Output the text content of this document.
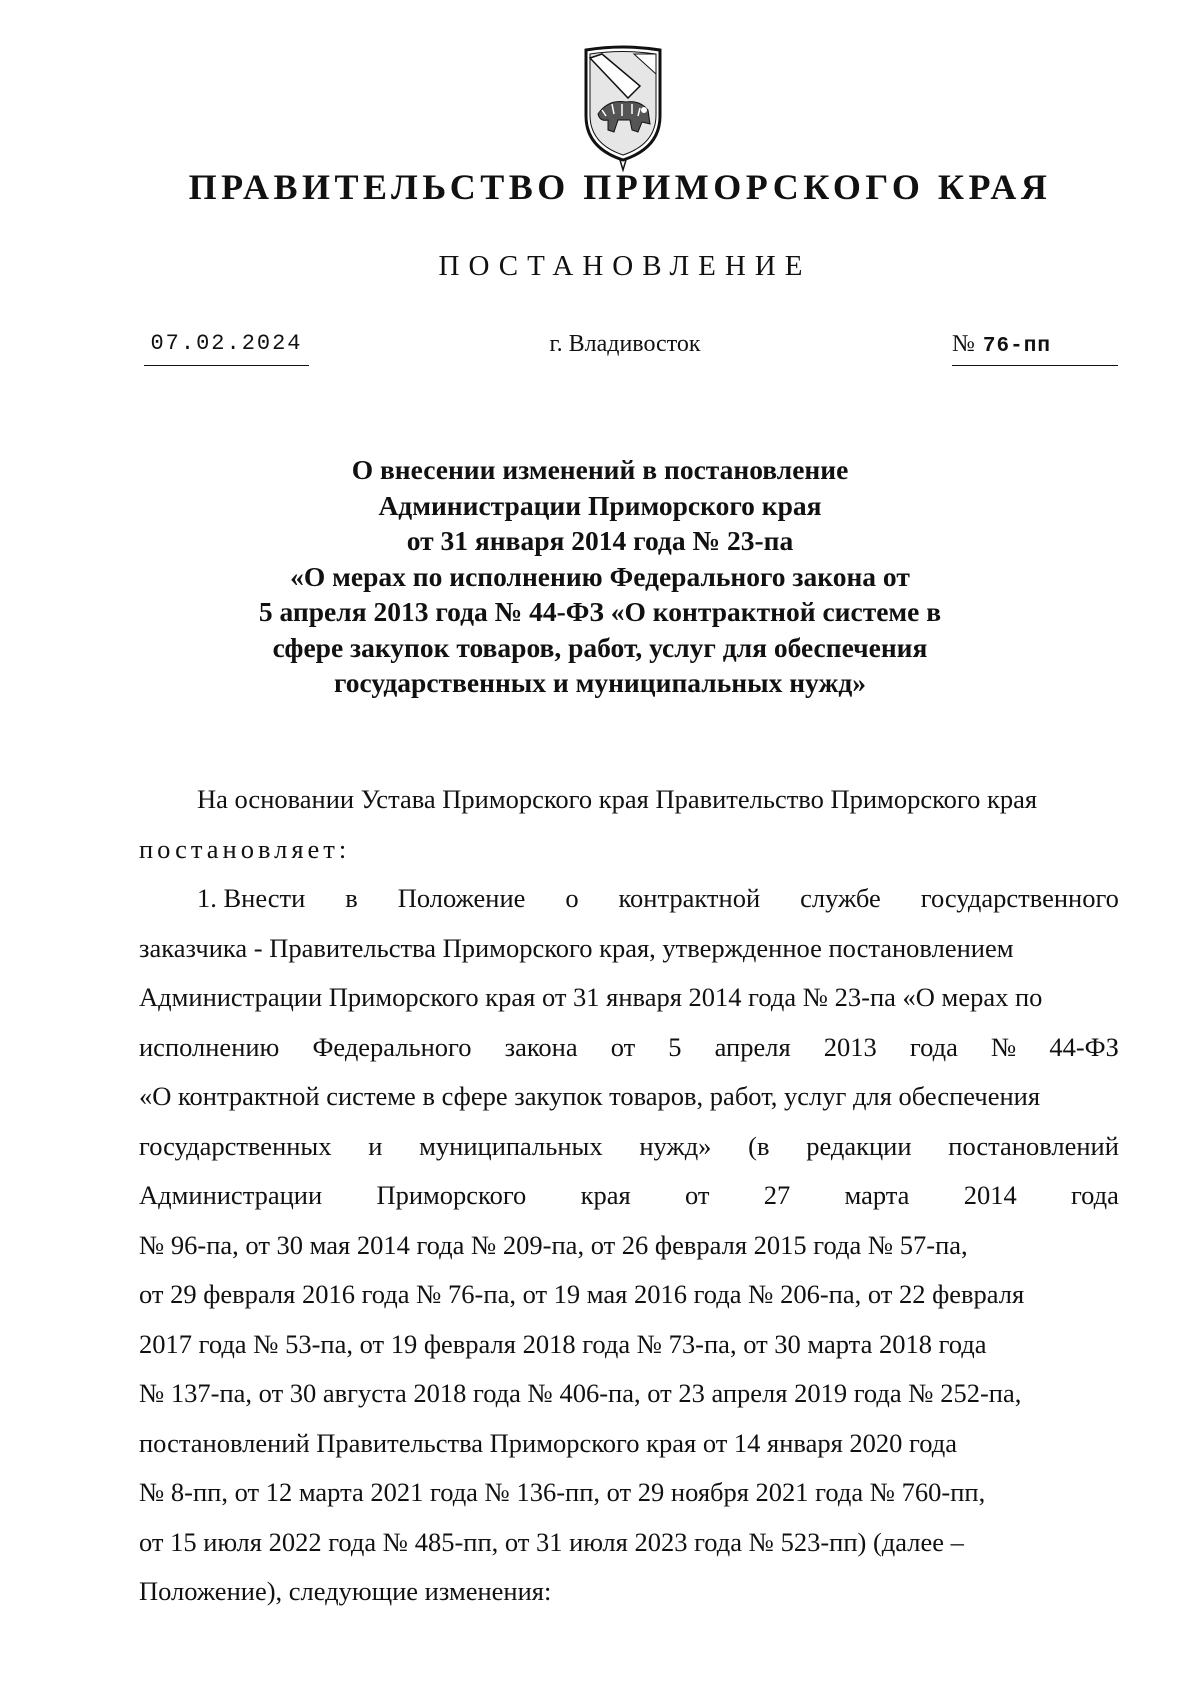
ПРАВИТЕЛЬСТВО ПРИМОРСКОГО КРАЯ
ПОСТАНОВЛЕНИЕ
07.02.2024	г. Владивосток	№ 76-пп
О внесении изменений в постановление
Администрации Приморского края
от 31 января 2014 года № 23-па
«О мерах по исполнению Федерального закона от
5 апреля 2013 года № 44-ФЗ «О контрактной системе в
сфере закупок товаров, работ, услуг для обеспечения
государственных и муниципальных нужд»
На основании Устава Приморского края Правительство Приморского края
постановляет:
1. Внести в Положение о контрактной службе государственного
заказчика - Правительства Приморского края, утвержденное постановлением
Администрации Приморского края от 31 января 2014 года № 23-па «О мерах по
исполнению Федерального закона от 5 апреля 2013 года № 44-ФЗ
«О контрактной системе в сфере закупок товаров, работ, услуг для обеспечения
государственных и муниципальных нужд» (в редакции постановлений
Администрации Приморского края от 27 марта 2014 года
№ 96-па, от 30 мая 2014 года № 209-па, от 26 февраля 2015 года № 57-па,
от 29 февраля 2016 года № 76-па, от 19 мая 2016 года № 206-па, от 22 февраля
2017 года № 53-па, от 19 февраля 2018 года № 73-па, от 30 марта 2018 года
№ 137-па, от 30 августа 2018 года № 406-па, от 23 апреля 2019 года № 252-па,
постановлений Правительства Приморского края от 14 января 2020 года
№ 8-пп, от 12 марта 2021 года № 136-пп, от 29 ноября 2021 года № 760-пп,
от 15 июля 2022 года № 485-пп, от 31 июля 2023 года № 523-пп) (далее –
Положение), следующие изменения:
